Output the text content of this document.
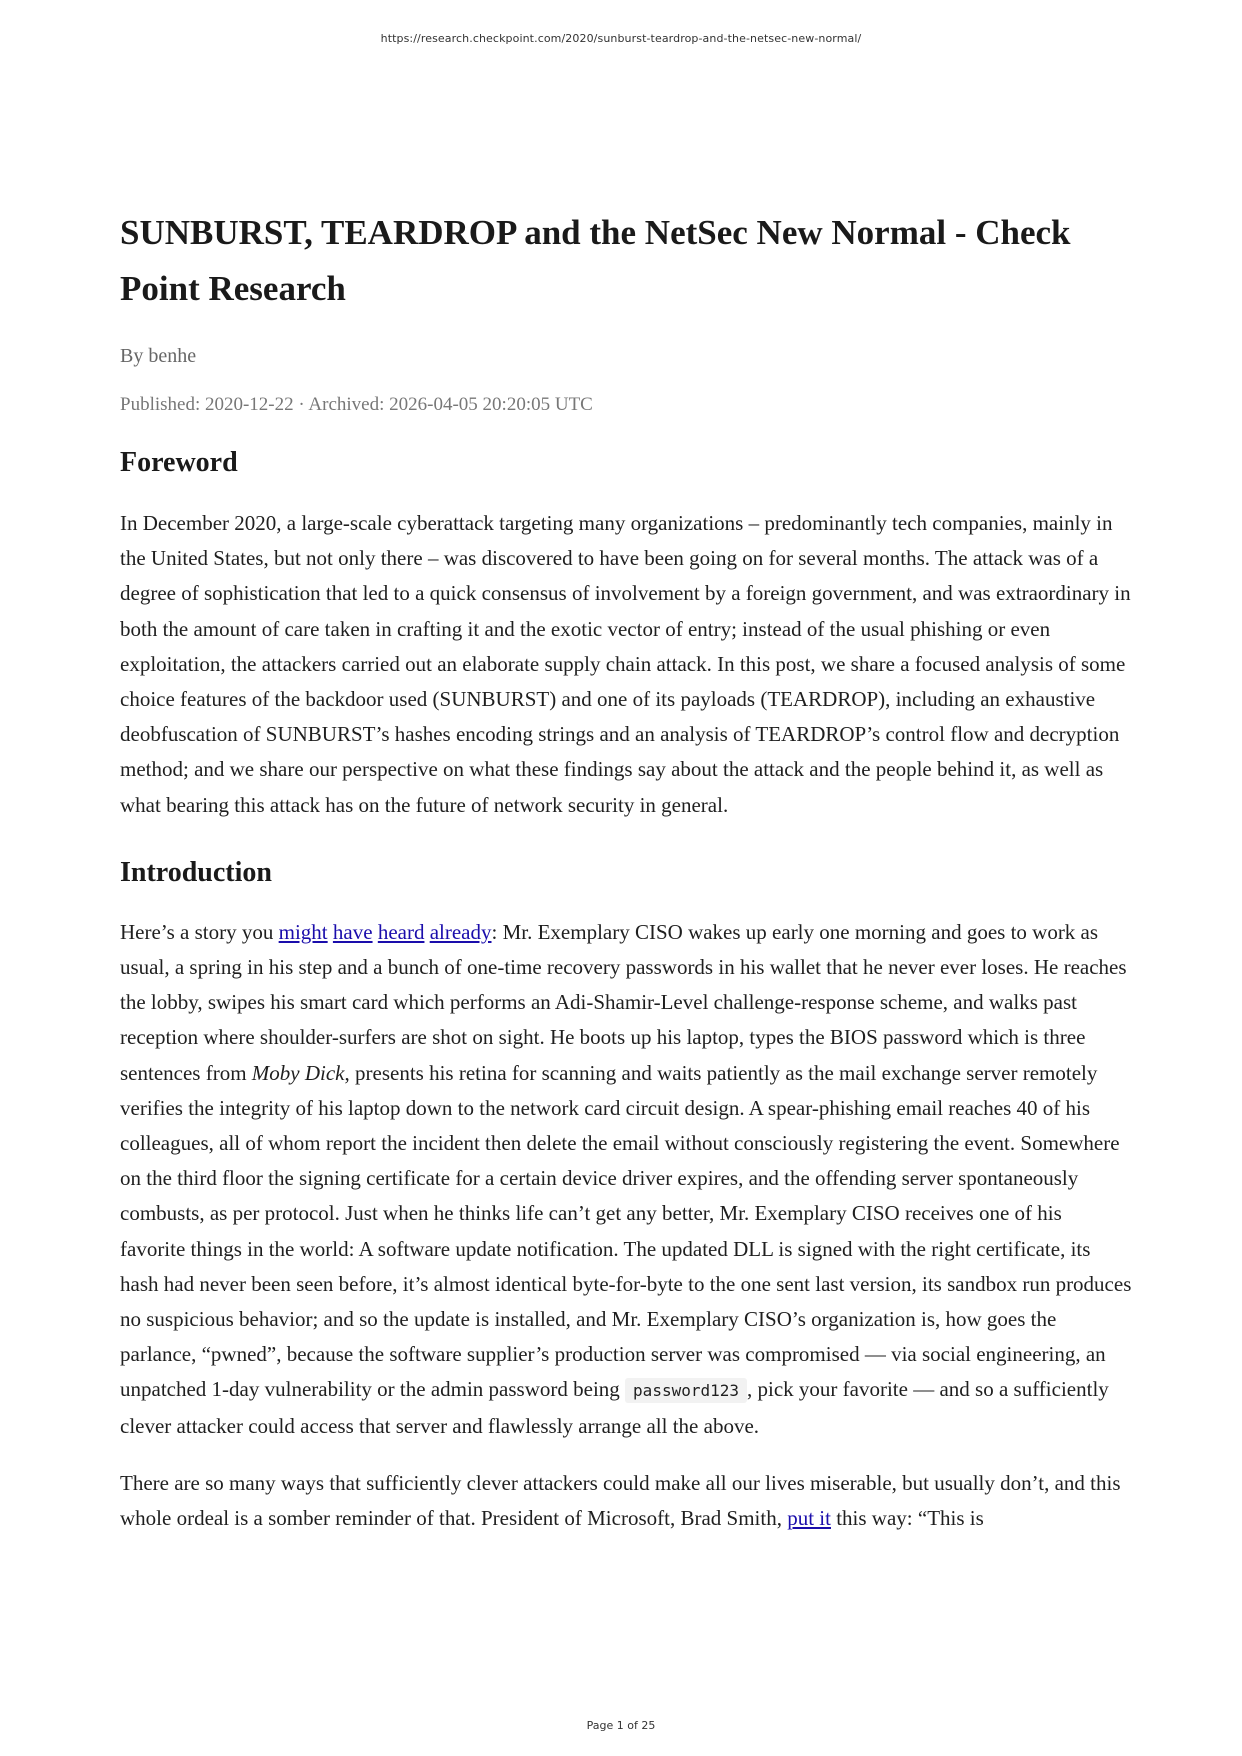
https://research.checkpoint.com/2020/sunburst-teardrop-and-the-netsec-new-normal/
SUNBURST, TEARDROP and the NetSec New Normal - Check Point Research
By benhe
Published: 2020-12-22 · Archived: 2026-04-05 20:20:05 UTC
Foreword

In December 2020, a large-scale cyberattack targeting many organizations – predominantly tech companies, mainly in the United States, but not only there – was discovered to have been going on for several months. The attack was of a degree of sophistication that led to a quick consensus of involvement by a foreign government, and was extraordinary in both the amount of care taken in crafting it and the exotic vector of entry; instead of the usual phishing or even exploitation, the attackers carried out an elaborate supply chain attack. In this post, we share a focused analysis of some choice features of the backdoor used (SUNBURST) and one of its payloads (TEARDROP), including an exhaustive deobfuscation of SUNBURST’s hashes encoding strings and an analysis of TEARDROP’s control flow and decryption method; and we share our perspective on what these findings say about the attack and the people behind it, as well as what bearing this attack has on the future of network security in general.

Introduction

Here’s a story you might have heard already: Mr. Exemplary CISO wakes up early one morning and goes to work as usual, a spring in his step and a bunch of one-time recovery passwords in his wallet that he never ever loses. He reaches the lobby, swipes his smart card which performs an Adi-Shamir-Level challenge-response scheme, and walks past reception where shoulder-surfers are shot on sight. He boots up his laptop, types the BIOS password which is three sentences from Moby Dick, presents his retina for scanning and waits patiently as the mail exchange server remotely verifies the integrity of his laptop down to the network card circuit design. A spear-phishing email reaches 40 of his colleagues, all of whom report the incident then delete the email without consciously registering the event. Somewhere on the third floor the signing certificate for a certain device driver expires, and the offending server spontaneously combusts, as per protocol. Just when he thinks life can’t get any better, Mr. Exemplary CISO receives one of his favorite things in the world: A software update notification. The updated DLL is signed with the right certificate, its hash had never been seen before, it’s almost identical byte-for-byte to the one sent last version, its sandbox run produces no suspicious behavior; and so the update is installed, and Mr. Exemplary CISO’s organization is, how goes the parlance, “pwned”, because the software supplier’s production server was compromised — via social engineering, an unpatched 1-day vulnerability or the admin password being password123 , pick your favorite — and so a sufficiently clever attacker could access that server and flawlessly arrange all the above.

There are so many ways that sufficiently clever attackers could make all our lives miserable, but usually don’t, and this whole ordeal is a somber reminder of that. President of Microsoft, Brad Smith, put it this way: “This is

Page 1 of 25
